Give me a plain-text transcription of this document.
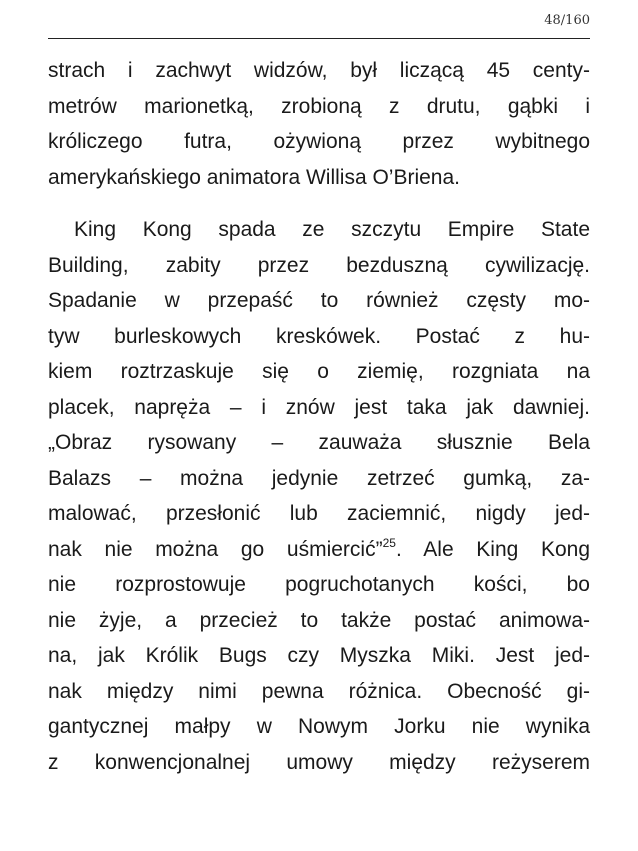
48/160
strach i zachwyt widzów, był liczącą 45 centy-
metrów marionetką, zrobioną z drutu, gąbki i
króliczego futra, ożywioną przez wybitnego
amerykańskiego animatora Willisa O’Briena.
King Kong spada ze szczytu Empire State
Building, zabity przez bezduszną cywilizację.
Spadanie w przepaść to również częsty mo-
tyw burleskowych kreskówek. Postać z hu-
kiem roztrzaskuje się o ziemię, rozgniata na
placek, napręża – i znów jest taka jak dawniej.
„Obraz rysowany – zauważa słusznie Bela
Balazs – można jedynie zetrzeć gumką, za-
malować, przesłonić lub zaciemnić, nigdy jed-
nak nie można go uśmiercić”$^{25}$. Ale King Kong
nie rozprostowuje pogruchotanych kości, bo
nie żyje, a przecież to także postać animowa-
na, jak Królik Bugs czy Myszka Miki. Jest jed-
nak między nimi pewna różnica. Obecność gi-
gantycznej małpy w Nowym Jorku nie wynika
z konwencjonalnej umowy między reżyserem
